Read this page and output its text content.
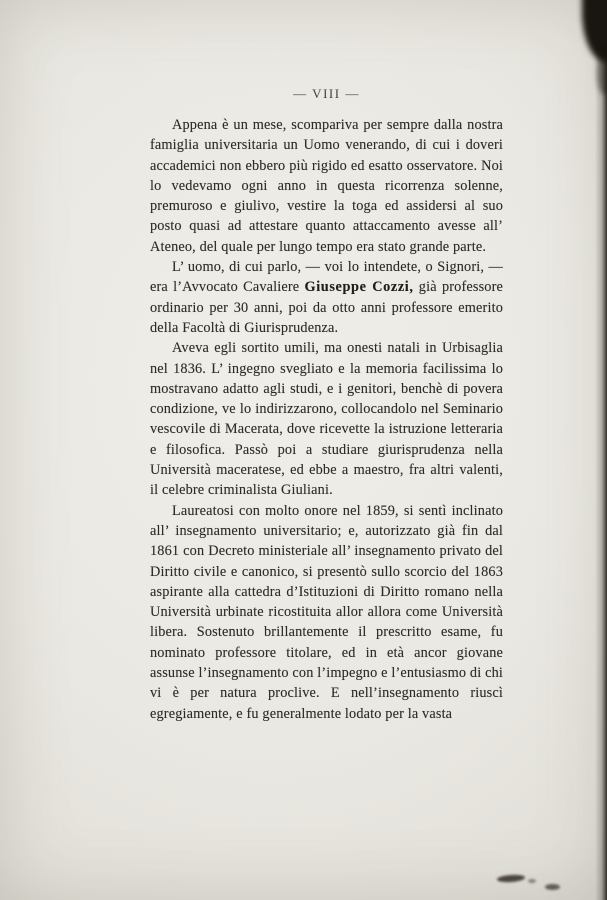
— VIII —

Appena è un mese, scompariva per sempre dalla nostra famiglia universitaria un Uomo venerando, di cui i doveri accademici non ebbero più rigido ed esatto osservatore. Noi lo vedevamo ogni anno in questa ricorrenza solenne, premuroso e giulivo, vestire la toga ed assidersi al suo posto quasi ad attestare quanto attaccamento avesse all’ Ateneo, del quale per lungo tempo era stato grande parte.

L’ uomo, di cui parlo, — voi lo intendete, o Signori, — era l’Avvocato Cavaliere Giuseppe Cozzi, già professore ordinario per 30 anni, poi da otto anni professore emerito della Facoltà di Giurisprudenza.

Aveva egli sortito umili, ma onesti natali in Urbisaglia nel 1836. L’ ingegno svegliato e la memoria facilissima lo mostravano adatto agli studi, e i genitori, benchè di povera condizione, ve lo indirizzarono, collocandolo nel Seminario vescovile di Macerata, dove ricevette la istruzione letteraria e filosofica. Passò poi a studiare giurisprudenza nella Università maceratese, ed ebbe a maestro, fra altri valenti, il celebre criminalista Giuliani.

Laureatosi con molto onore nel 1859, si sentì inclinato all’ insegnamento universitario; e, autorizzato già fin dal 1861 con Decreto ministeriale all’ insegnamento privato del Diritto civile e canonico, si presentò sullo scorcio del 1863 aspirante alla cattedra d’Istituzioni di Diritto romano nella Università urbinate ricostituita allor allora come Università libera. Sostenuto brillantemente il prescritto esame, fu nominato professore titolare, ed in età ancor giovane assunse l’insegnamento con l’impegno e l’entusiasmo di chi vi è per natura proclive. E nell’insegnamento riuscì egregiamente, e fu generalmente lodato per la vasta
